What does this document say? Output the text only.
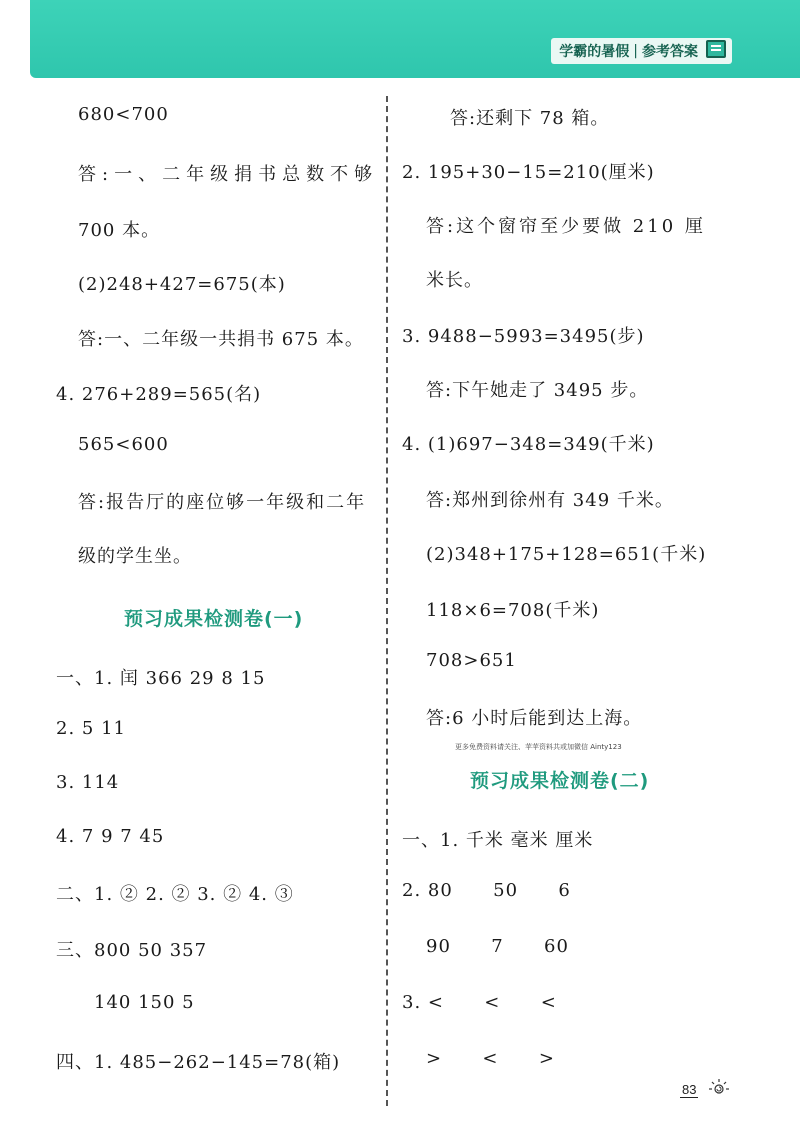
学霸的暑假 | 参考答案
680<700
答:一、二年级捐书总数不够
700 本。
(2)248+427=675(本)
答:一、二年级一共捐书 675 本。
4. 276+289=565(名)
565<600
答:报告厅的座位够一年级和二年
级的学生坐。
预习成果检测卷(一)
一、1. 闰 366 29 8 15
2. 5 11
3. 114
4. 7 9 7 45
二、1. ② 2. ② 3. ② 4. ③
三、800 50 357
140 150 5
四、1. 485−262−145=78(箱)
答:还剩下 78 箱。
2. 195+30−15=210(厘米)
答:这个窗帘至少要做 210 厘
米长。
3. 9488−5993=3495(步)
答:下午她走了 3495 步。
4. (1)697−348=349(千米)
答:郑州到徐州有 349 千米。
(2)348+175+128=651(千米)
118×6=708(千米)
708>651
答:6 小时后能到达上海。
更多免费资料请关注、苹苹资料共或加微信 Ainty123
预习成果检测卷(二)
一、1. 千米 毫米 厘米
2. 80      50      6
90      7      60
3. <      <      <
>      <      >
83
